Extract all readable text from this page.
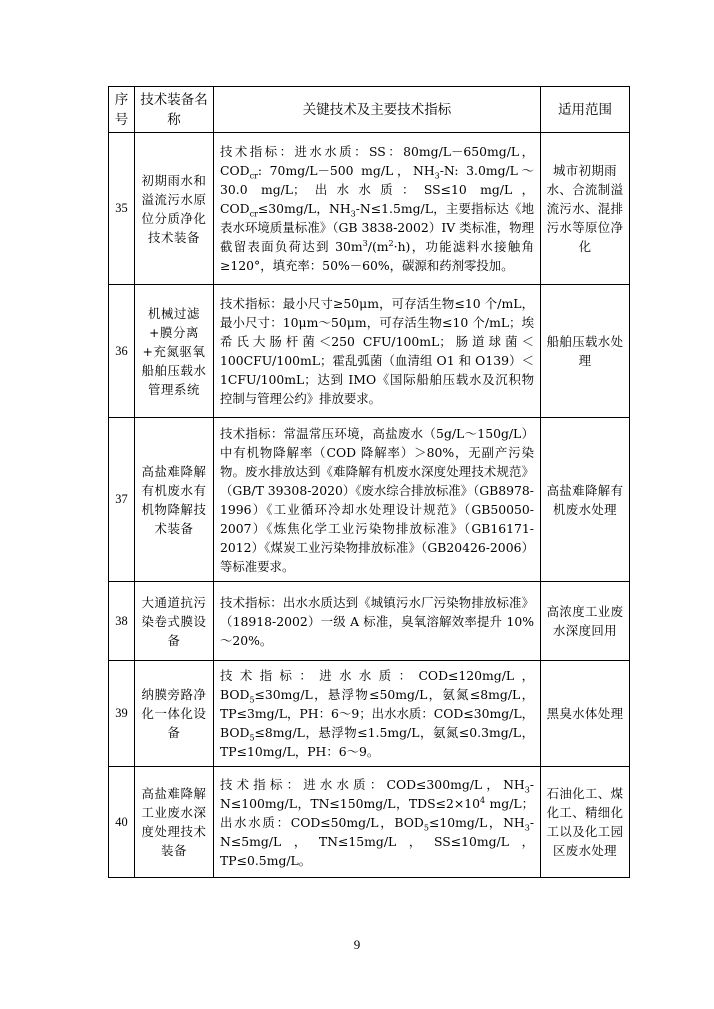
序号	技术装备名称	关键技术及主要技术指标	适用范围
35	初期雨水和溢流污水原位分质净化技术装备	技术指标：进水水质：SS：80mg/L－650mg/L，$COD_{cr}$: 70mg/L－500 mg/L，$NH_3-N$: 3.0mg/L～30.0 mg/L；出水水质：SS≤10 mg/L，$COD_{cr}\le 30mg/L$，$NH_3-N\le 1.5mg/L$，主要指标达《地表水环境质量标准》（GB 3838-2002）IV 类标准，物理截留表面负荷达到 $30m^3/(m^2\cdot h)$，功能滤料水接触角≥120°，填充率：50%－60%，碳源和药剂零投加。	城市初期雨水、合流制溢流污水、混排污水等原位净化
36	机械过滤+膜分离+充氮驱氧船舶压载水管理系统	技术指标：最小尺寸≥50μm，可存活生物≤10 个/mL，最小尺寸：10μm～50μm，可存活生物≤10 个/mL；埃希氏大肠杆菌＜250 CFU/100mL；肠道球菌＜100CFU/100mL；霍乱弧菌（血清组 O1 和 O139）＜1CFU/100mL；达到 IMO《国际船舶压载水及沉积物控制与管理公约》排放要求。	船舶压载水处理
37	高盐难降解有机废水有机物降解技术装备	技术指标：常温常压环境，高盐废水（5g/L～150g/L）中有机物降解率（COD 降解率）＞80%，无副产污染物。废水排放达到《难降解有机废水深度处理技术规范》（GB/T 39308-2020）《废水综合排放标准》（GB8978-1996）《工业循环冷却水处理设计规范》（GB50050-2007）《炼焦化学工业污染物排放标准》（GB16171-2012）《煤炭工业污染物排放标准》（GB20426-2006）等标准要求。	高盐难降解有机废水处理
38	大通道抗污染卷式膜设备	技术指标：出水水质达到《城镇污水厂污染物排放标准》（18918-2002）一级 A 标准，臭氧溶解效率提升 10%～20%。	高浓度工业废水深度回用
39	纳膜旁路净化一体化设备	技术指标：进水水质：COD≤120mg/L，$BOD_5\le 30mg/L$，悬浮物≤50mg/L，氨氮≤8mg/L，TP≤3mg/L，PH：6～9；出水水质：COD≤30mg/L，$BOD_5\le 8mg/L$，悬浮物≤1.5mg/L，氨氮≤0.3mg/L，TP≤10mg/L，PH：6～9。	黑臭水体处理
40	高盐难降解工业废水深度处理技术装备	技术指标：进水水质：COD≤300mg/L，$NH_3-N\le 100mg/L$，TN≤150mg/L，$TDS\le 2\times 10^4$ mg/L；出水水质：COD≤50mg/L，$BOD_5\le 10mg/L$，$NH_3-N\le 5mg/L$，TN≤15mg/L，SS≤10mg/L，TP≤0.5mg/L。	石油化工、煤化工、精细化工以及化工园区废水处理
9
